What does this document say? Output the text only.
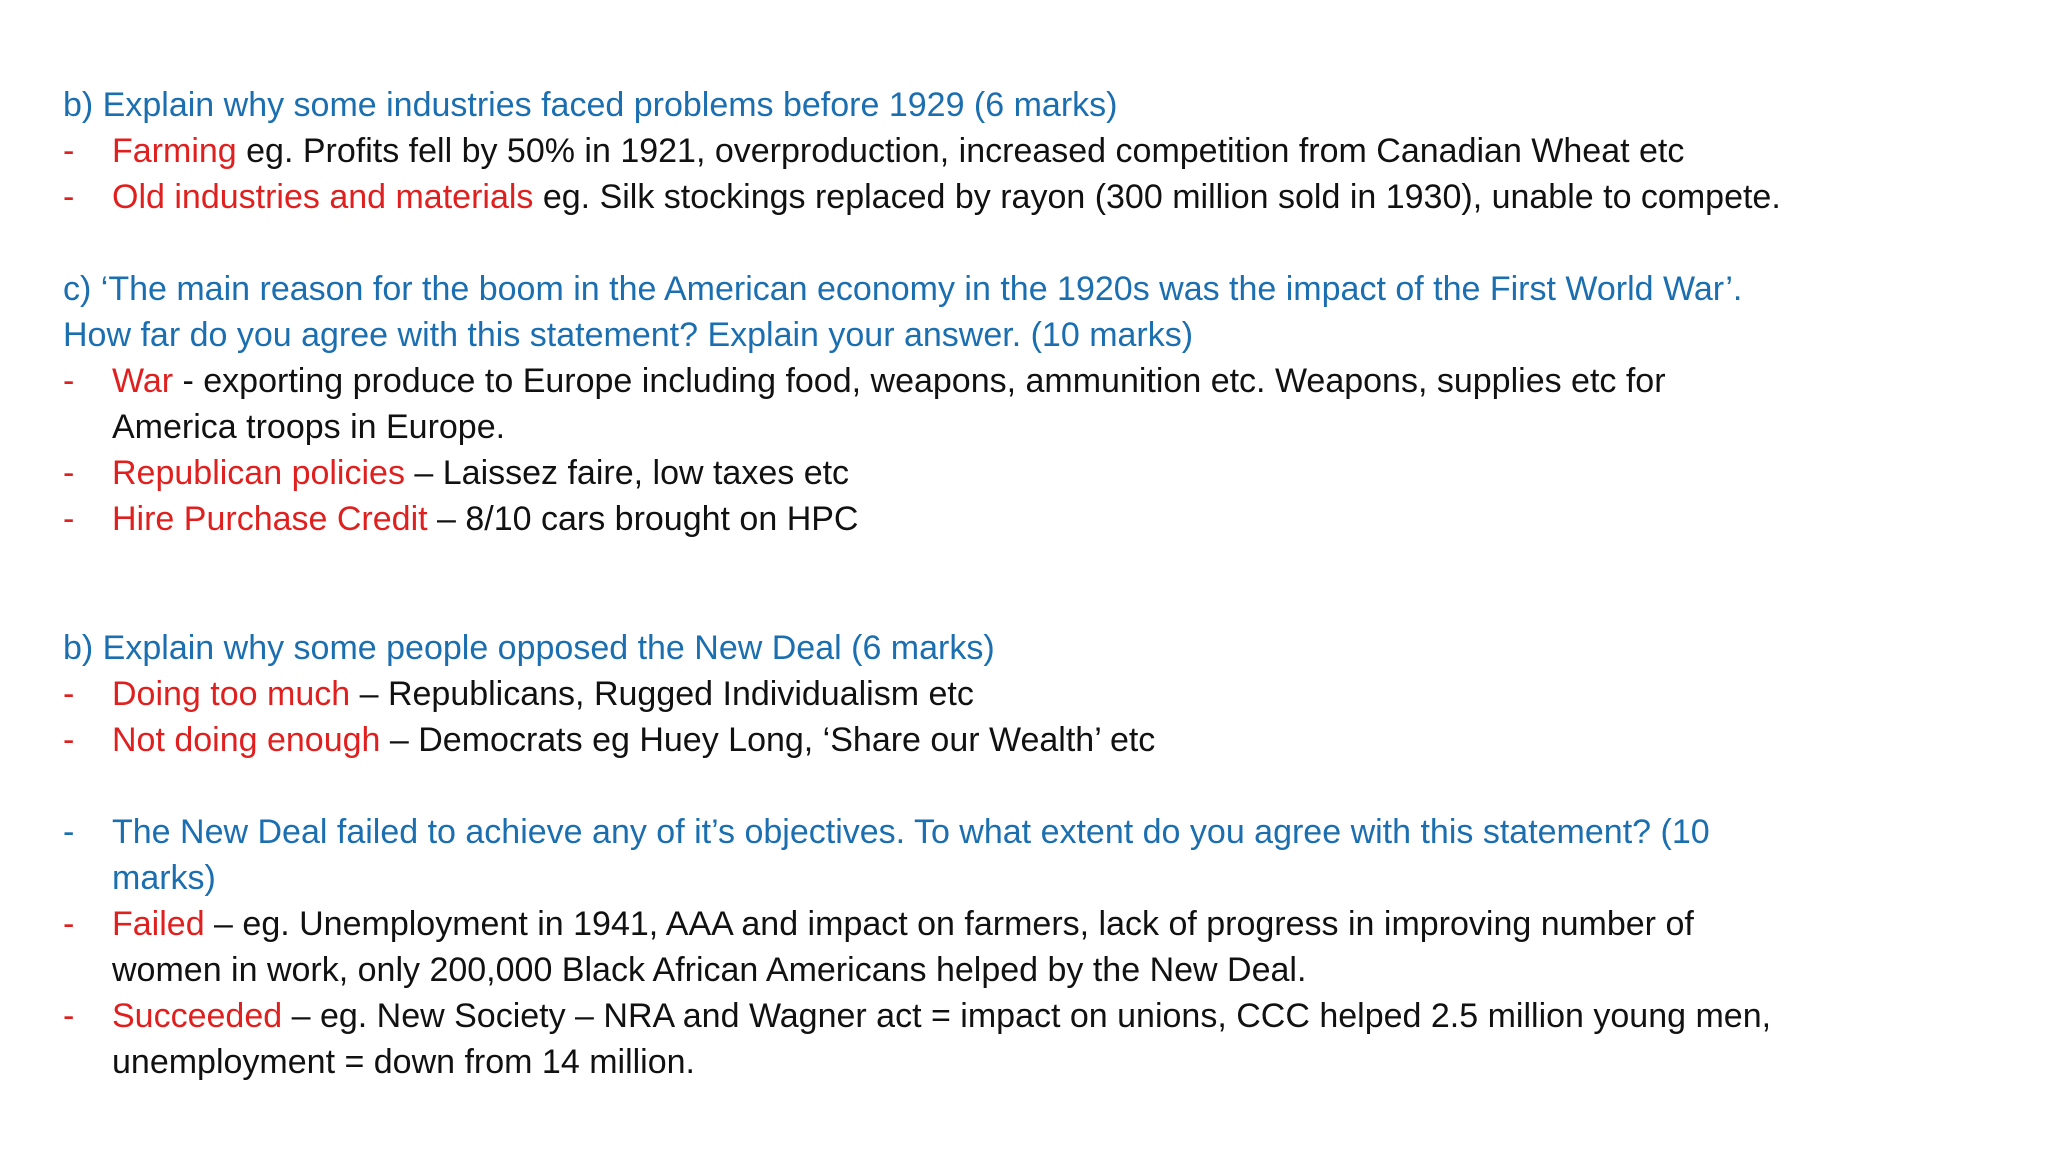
b) Explain why some industries faced problems before 1929 (6 marks)
- Farming eg. Profits fell by 50% in 1921, overproduction, increased competition from Canadian Wheat etc
- Old industries and materials eg. Silk stockings replaced by rayon (300 million sold in 1930), unable to compete.
c) ‘The main reason for the boom in the American economy in the 1920s was the impact of the First World War’.
How far do you agree with this statement? Explain your answer. (10 marks)
- War - exporting produce to Europe including food, weapons, ammunition etc. Weapons, supplies etc for
America troops in Europe.
- Republican policies – Laissez faire, low taxes etc
- Hire Purchase Credit – 8/10 cars brought on HPC
b) Explain why some people opposed the New Deal (6 marks)
- Doing too much – Republicans, Rugged Individualism etc
- Not doing enough – Democrats eg Huey Long, ‘Share our Wealth’ etc
- The New Deal failed to achieve any of it’s objectives. To what extent do you agree with this statement? (10
marks)
- Failed – eg. Unemployment in 1941, AAA and impact on farmers, lack of progress in improving number of
women in work, only 200,000 Black African Americans helped by the New Deal.
- Succeeded – eg. New Society – NRA and Wagner act = impact on unions, CCC helped 2.5 million young men,
unemployment = down from 14 million.
